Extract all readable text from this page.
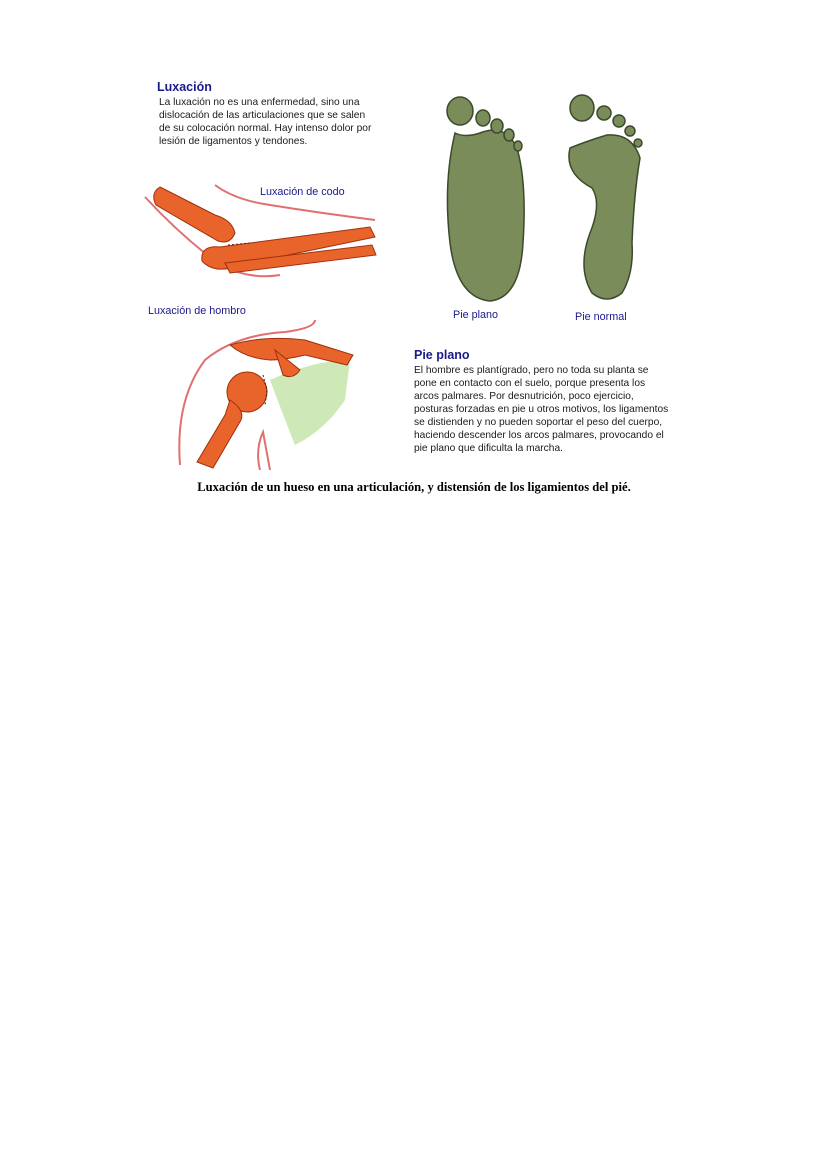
Luxación

La luxación no es una enfermedad, sino una

dislocación de las articulaciones que se salen

de su colocación normal. Hay intenso dolor por

lesión de ligamentos y tendones.

Luxación de codo

Luxación de hombro	Pie plano	Pie normal

Pie plano

El hombre es plantígrado, pero no toda su planta se

pone en contacto con el suelo, porque presenta los

arcos palmares. Por desnutrición, poco ejercicio,

posturas forzadas en pie u otros motivos, los ligamentos

se distienden y no pueden soportar el peso del cuerpo,

haciendo descender los arcos palmares, provocando el

pie plano que dificulta la marcha.

Luxación de un hueso en una articulación, y distensión de los ligamientos del pié.
